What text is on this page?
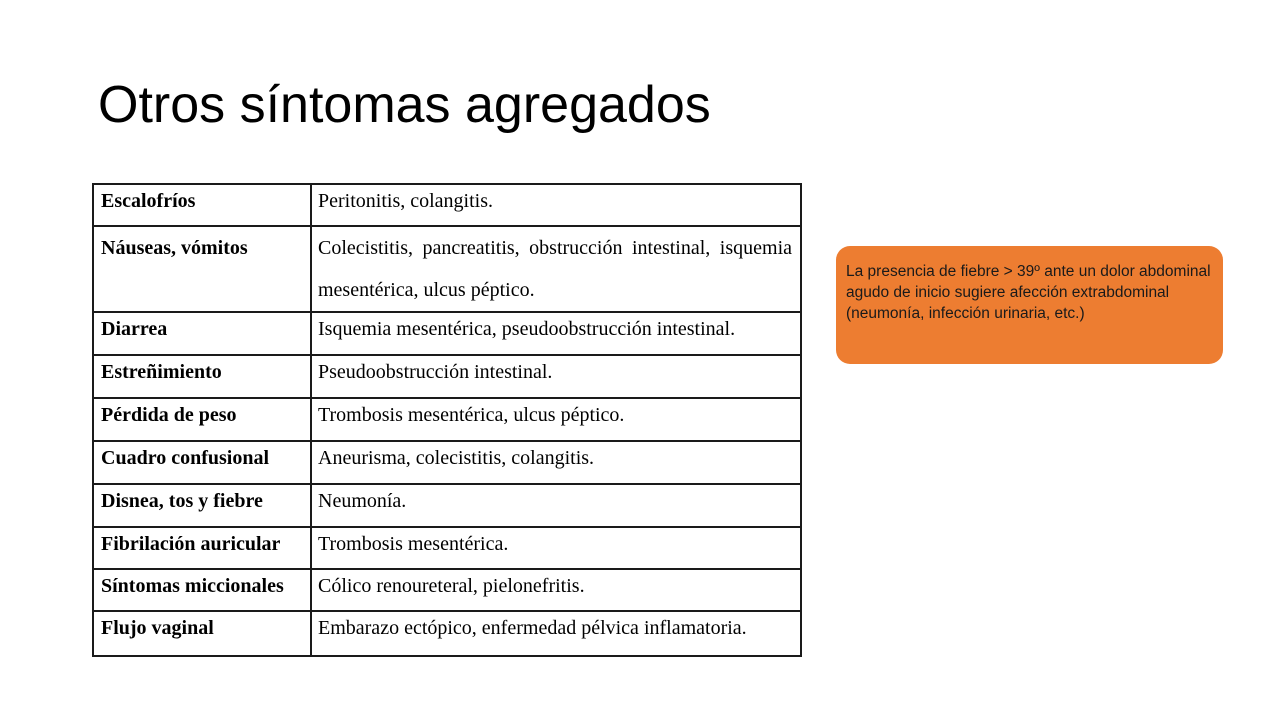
Otros síntomas agregados
Escalofríos	Peritonitis, colangitis.
Náuseas, vómitos	Colecistitis, pancreatitis, obstrucción intestinal, isquemia mesentérica, ulcus péptico.
Diarrea	Isquemia mesentérica, pseudoobstrucción intestinal.
Estreñimiento	Pseudoobstrucción intestinal.
Pérdida de peso	Trombosis mesentérica, ulcus péptico.
Cuadro confusional	Aneurisma, colecistitis, colangitis.
Disnea, tos y fiebre	Neumonía.
Fibrilación auricular	Trombosis mesentérica.
Síntomas miccionales	Cólico renoureteral, pielonefritis.
Flujo vaginal	Embarazo ectópico, enfermedad pélvica inflamatoria.
La presencia de fiebre > 39º ante un dolor abdominal agudo de inicio sugiere afección extrabdominal (neumonía, infección urinaria, etc.)
